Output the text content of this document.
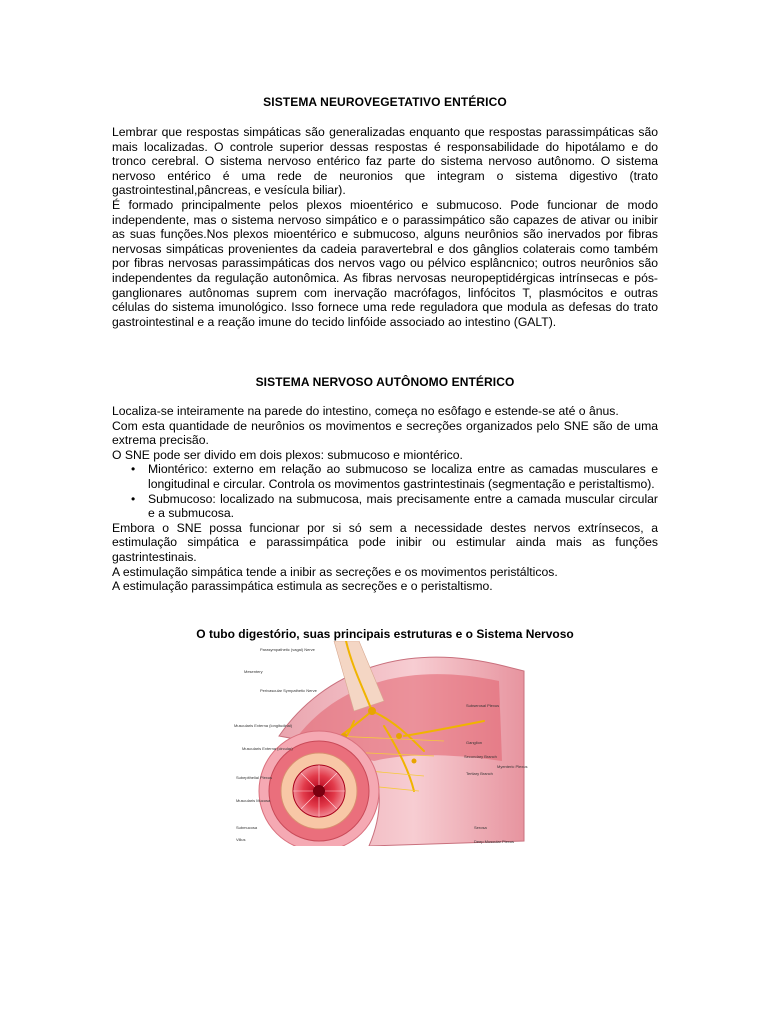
SISTEMA NEUROVEGETATIVO ENTÉRICO

Lembrar que respostas simpáticas são generalizadas enquanto que respostas parassimpáticas são mais localizadas. O controle superior dessas respostas é responsabilidade do hipotálamo e do tronco cerebral. O sistema nervoso entérico faz parte do sistema nervoso autônomo. O sistema nervoso entérico é uma rede de neuronios que integram o sistema digestivo (trato gastrointestinal,pâncreas, e vesícula biliar).

É formado principalmente pelos plexos mioentérico e submucoso. Pode funcionar de modo independente, mas o sistema nervoso simpático e o parassimpático são capazes de ativar ou inibir as suas funções.Nos plexos mioentérico e submucoso, alguns neurônios são inervados por fibras nervosas simpáticas provenientes da cadeia paravertebral e dos gânglios colaterais como também por fibras nervosas parassimpáticas dos nervos vago ou pélvico esplâncnico; outros neurônios são independentes da regulação autonômica. As fibras nervosas neuropeptidérgicas intrínsecas e pós-ganglionares autônomas suprem com inervação macrófagos, linfócitos T, plasmócitos e outras células do sistema imunológico. Isso fornece uma rede reguladora que modula as defesas do trato gastrointestinal e a reação imune do tecido linfóide associado ao intestino (GALT).

SISTEMA NERVOSO AUTÔNOMO ENTÉRICO

Localiza-se inteiramente na parede do intestino, começa no esôfago e estende-se até o ânus.

Com esta quantidade de neurônios os movimentos e secreções organizados pelo SNE são de uma extrema precisão.

O SNE pode ser divido em dois plexos: submucoso e miontérico.

• Miontérico: externo em relação ao submucoso se localiza entre as camadas musculares e longitudinal e circular. Controla os movimentos gastrintestinais (segmentação e peristaltismo).
• Submucoso: localizado na submucosa, mais precisamente entre a camada muscular circular e a submucosa.

Embora o SNE possa funcionar por si só sem a necessidade destes nervos extrínsecos, a estimulação simpática e parassimpática pode inibir ou estimular ainda mais as funções gastrintestinais.

A estimulação simpática tende a inibir as secreções e os movimentos peristálticos.

A estimulação parassimpática estimula as secreções e o peristaltismo.

O tubo digestório, suas principais estruturas e o Sistema Nervoso
Parasympathetic (vagal) Nerve
Mesentery
Perivascular Sympathetic Nerve
Muscularis Externa (longitudinal)
Muscularis Externa (circular)
Subepithelial Plexus
Muscularis Mucosa
Submucosa
Villus
Subserosal Plexus
Ganglion
Secondary Branch
Myenteric Plexus
Tertiary Branch
Serosa
Deep Muscular Plexus
